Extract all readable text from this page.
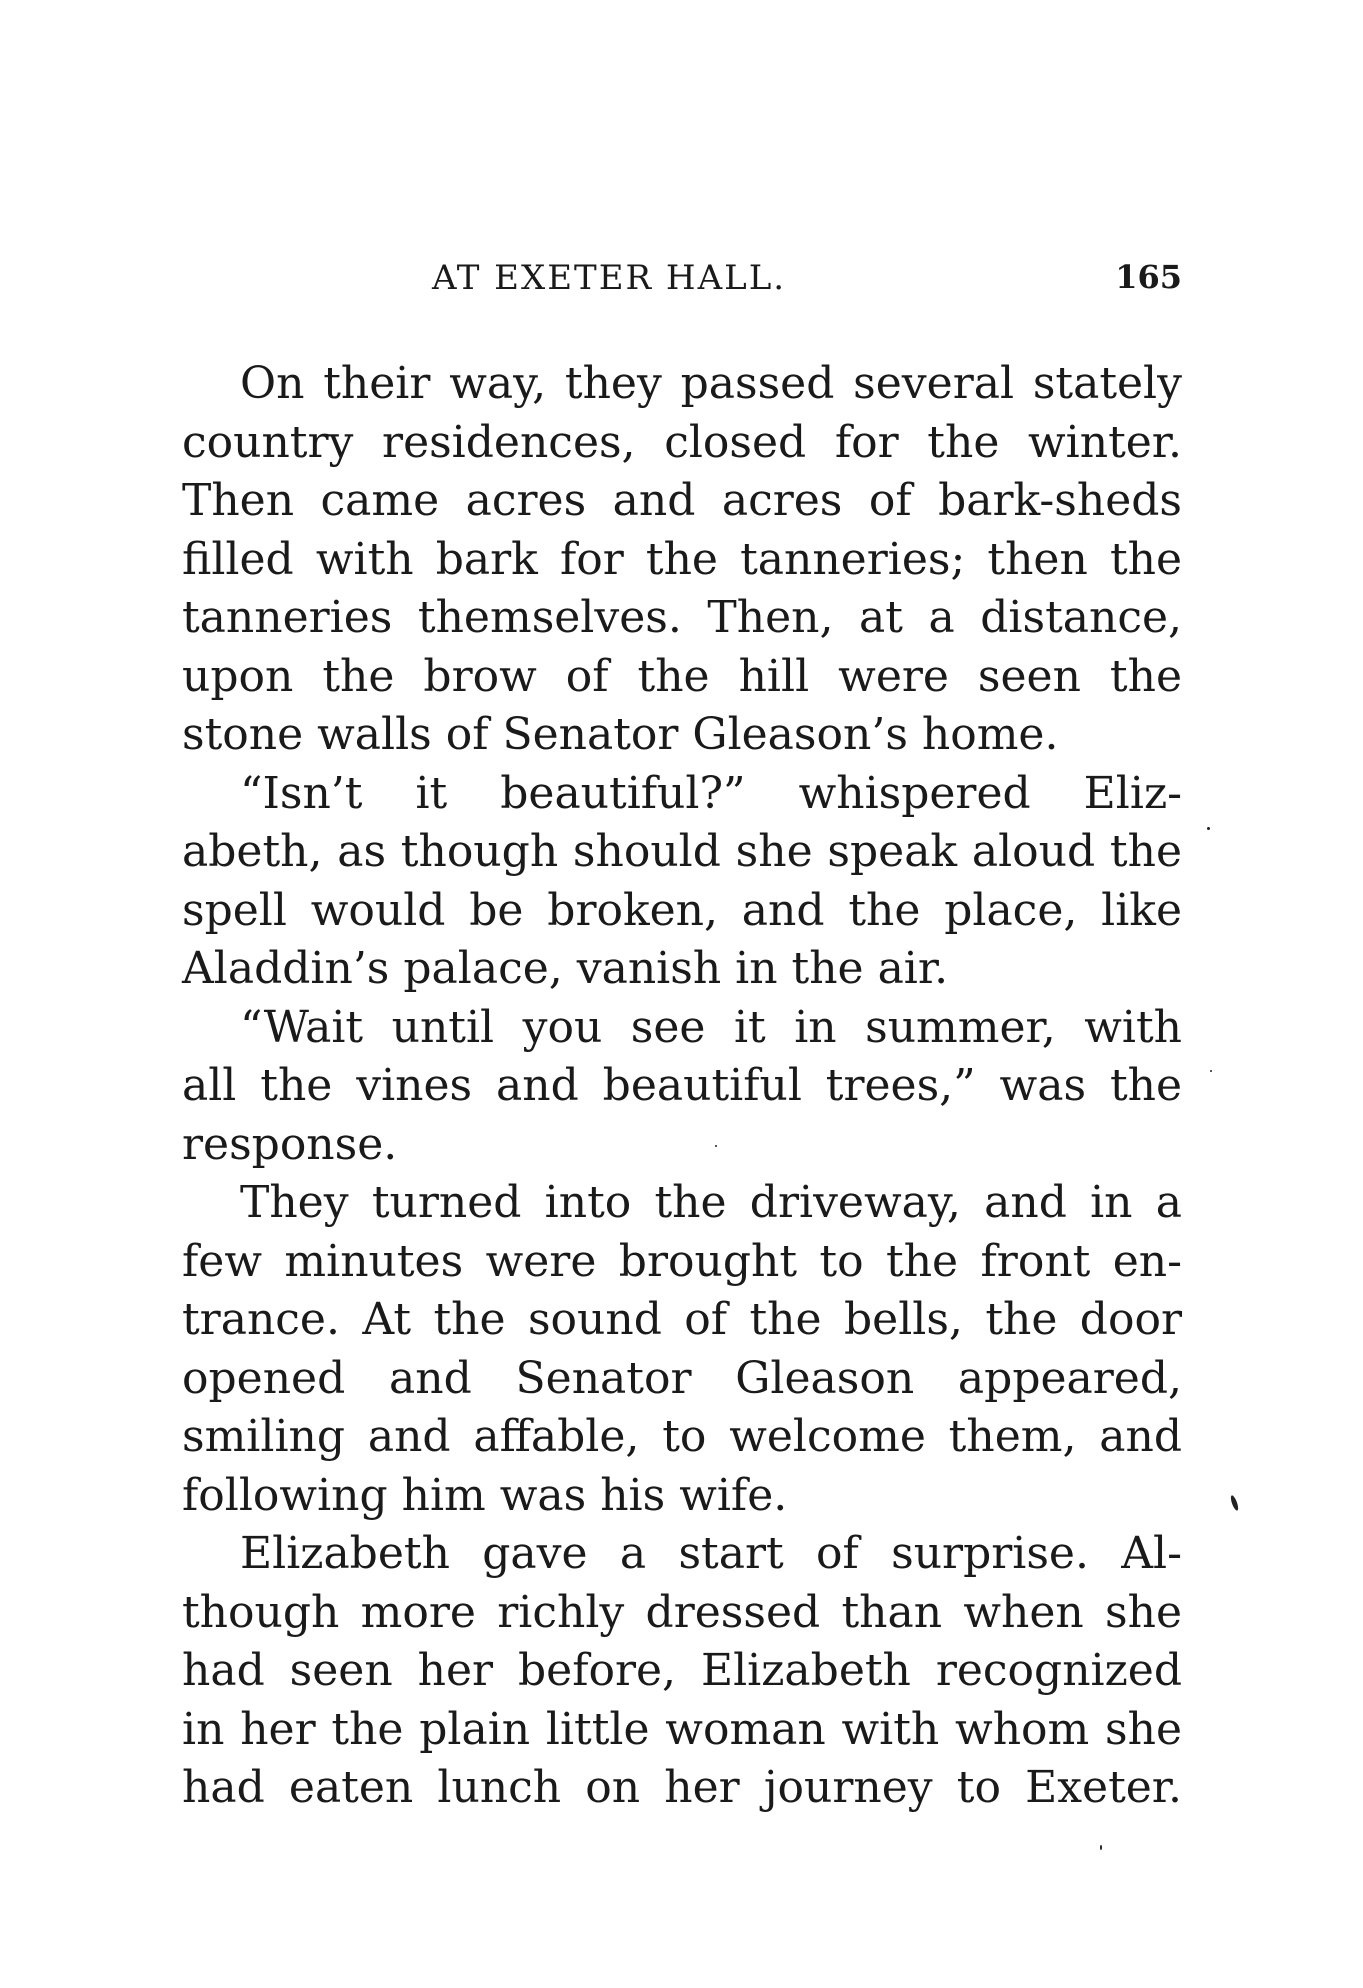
AT EXETER HALL.	165
On their way, they passed several stately
country residences, closed for the winter.
Then came acres and acres of bark-sheds
filled with bark for the tanneries; then the
tanneries themselves. Then, at a distance,
upon the brow of the hill were seen the
stone walls of Senator Gleason’s home.
“Isn’t it beautiful?” whispered Eliz-
abeth, as though should she speak aloud the
spell would be broken, and the place, like
Aladdin’s palace, vanish in the air.
“Wait until you see it in summer, with
all the vines and beautiful trees,” was the
response.
They turned into the driveway, and in a
few minutes were brought to the front en-
trance. At the sound of the bells, the door
opened and Senator Gleason appeared,
smiling and affable, to welcome them, and
following him was his wife.
Elizabeth gave a start of surprise. Al-
though more richly dressed than when she
had seen her before, Elizabeth recognized
in her the plain little woman with whom she
had eaten lunch on her journey to Exeter.
